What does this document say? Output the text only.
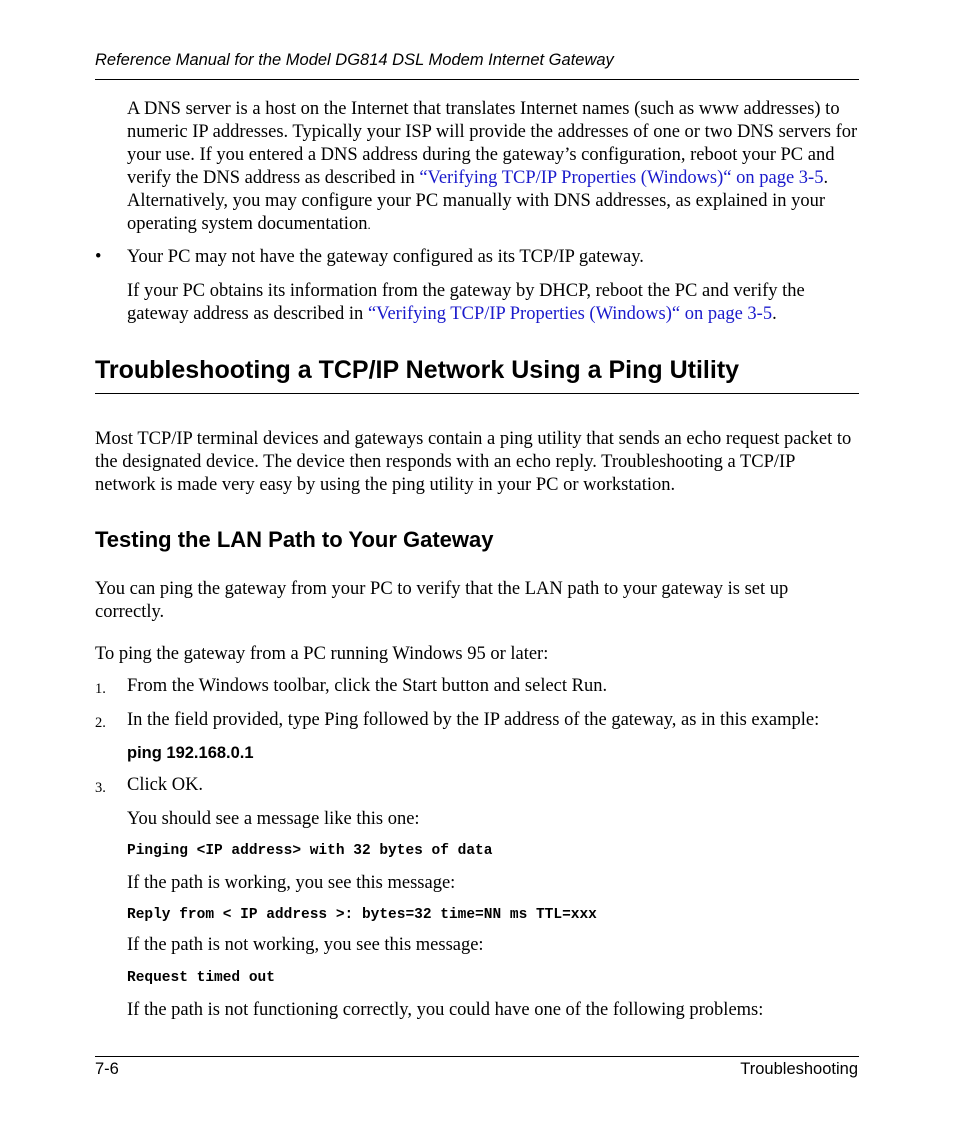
Reference Manual for the Model DG814 DSL Modem Internet Gateway
A DNS server is a host on the Internet that translates Internet names (such as www addresses) to numeric IP addresses. Typically your ISP will provide the addresses of one or two DNS servers for your use. If you entered a DNS address during the gateway’s configuration, reboot your PC and verify the DNS address as described in “Verifying TCP/IP Properties (Windows)“ on page 3-5. Alternatively, you may configure your PC manually with DNS addresses, as explained in your operating system documentation.
• Your PC may not have the gateway configured as its TCP/IP gateway.
If your PC obtains its information from the gateway by DHCP, reboot the PC and verify the gateway address as described in “Verifying TCP/IP Properties (Windows)“ on page 3-5.
Troubleshooting a TCP/IP Network Using a Ping Utility
Most TCP/IP terminal devices and gateways contain a ping utility that sends an echo request packet to the designated device. The device then responds with an echo reply. Troubleshooting a TCP/IP network is made very easy by using the ping utility in your PC or workstation.
Testing the LAN Path to Your Gateway
You can ping the gateway from your PC to verify that the LAN path to your gateway is set up correctly.
To ping the gateway from a PC running Windows 95 or later:
1. From the Windows toolbar, click the Start button and select Run.
2. In the field provided, type Ping followed by the IP address of the gateway, as in this example:
ping 192.168.0.1
3. Click OK.
You should see a message like this one:
Pinging <IP address> with 32 bytes of data
If the path is working, you see this message:
Reply from < IP address >: bytes=32 time=NN ms TTL=xxx
If the path is not working, you see this message:
Request timed out
If the path is not functioning correctly, you could have one of the following problems:
7-6	Troubleshooting
